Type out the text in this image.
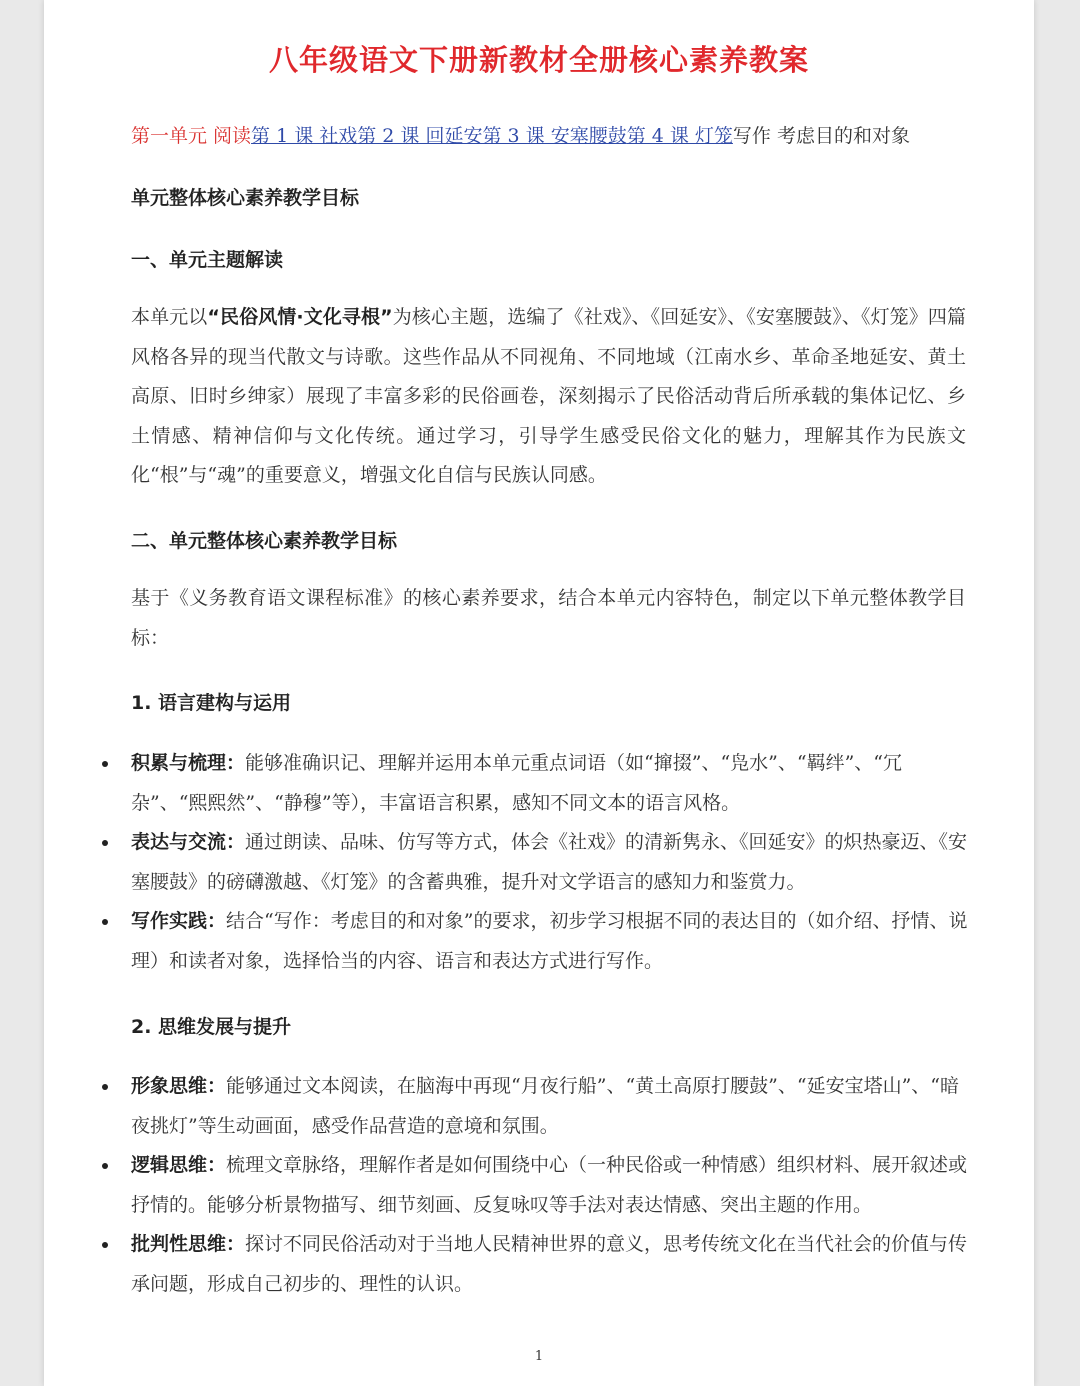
八年级语文下册新教材全册核心素养教案
第一单元 阅读第 1 课 社戏第 2 课 回延安第 3 课 安塞腰鼓第 4 课 灯笼写作 考虑目的和对象
单元整体核心素养教学目标
一、单元主题解读
本单元以“民俗风情·文化寻根”为核心主题，选编了《社戏》、《回延安》、《安塞腰鼓》、《灯笼》四篇风格各异的现当代散文与诗歌。这些作品从不同视角、不同地域（江南水乡、革命圣地延安、黄土高原、旧时乡绅家）展现了丰富多彩的民俗画卷，深刻揭示了民俗活动背后所承载的集体记忆、乡土情感、精神信仰与文化传统。通过学习，引导学生感受民俗文化的魅力，理解其作为民族文化“根”与“魂”的重要意义，增强文化自信与民族认同感。
二、单元整体核心素养教学目标
基于《义务教育语文课程标准》的核心素养要求，结合本单元内容特色，制定以下单元整体教学目标：
1. 语言建构与运用
积累与梳理：能够准确识记、理解并运用本单元重点词语（如“撺掇”、“凫水”、“羁绊”、“冗杂”、“熙熙然”、“静穆”等），丰富语言积累，感知不同文本的语言风格。
表达与交流：通过朗读、品味、仿写等方式，体会《社戏》的清新隽永、《回延安》的炽热豪迈、《安塞腰鼓》的磅礴激越、《灯笼》的含蓄典雅，提升对文学语言的感知力和鉴赏力。
写作实践：结合“写作：考虑目的和对象”的要求，初步学习根据不同的表达目的（如介绍、抒情、说理）和读者对象，选择恰当的内容、语言和表达方式进行写作。
2. 思维发展与提升
形象思维：能够通过文本阅读，在脑海中再现“月夜行船”、“黄土高原打腰鼓”、“延安宝塔山”、“暗夜挑灯”等生动画面，感受作品营造的意境和氛围。
逻辑思维：梳理文章脉络，理解作者是如何围绕中心（一种民俗或一种情感）组织材料、展开叙述或抒情的。能够分析景物描写、细节刻画、反复咏叹等手法对表达情感、突出主题的作用。
批判性思维：探讨不同民俗活动对于当地人民精神世界的意义，思考传统文化在当代社会的价值与传承问题，形成自己初步的、理性的认识。
1
